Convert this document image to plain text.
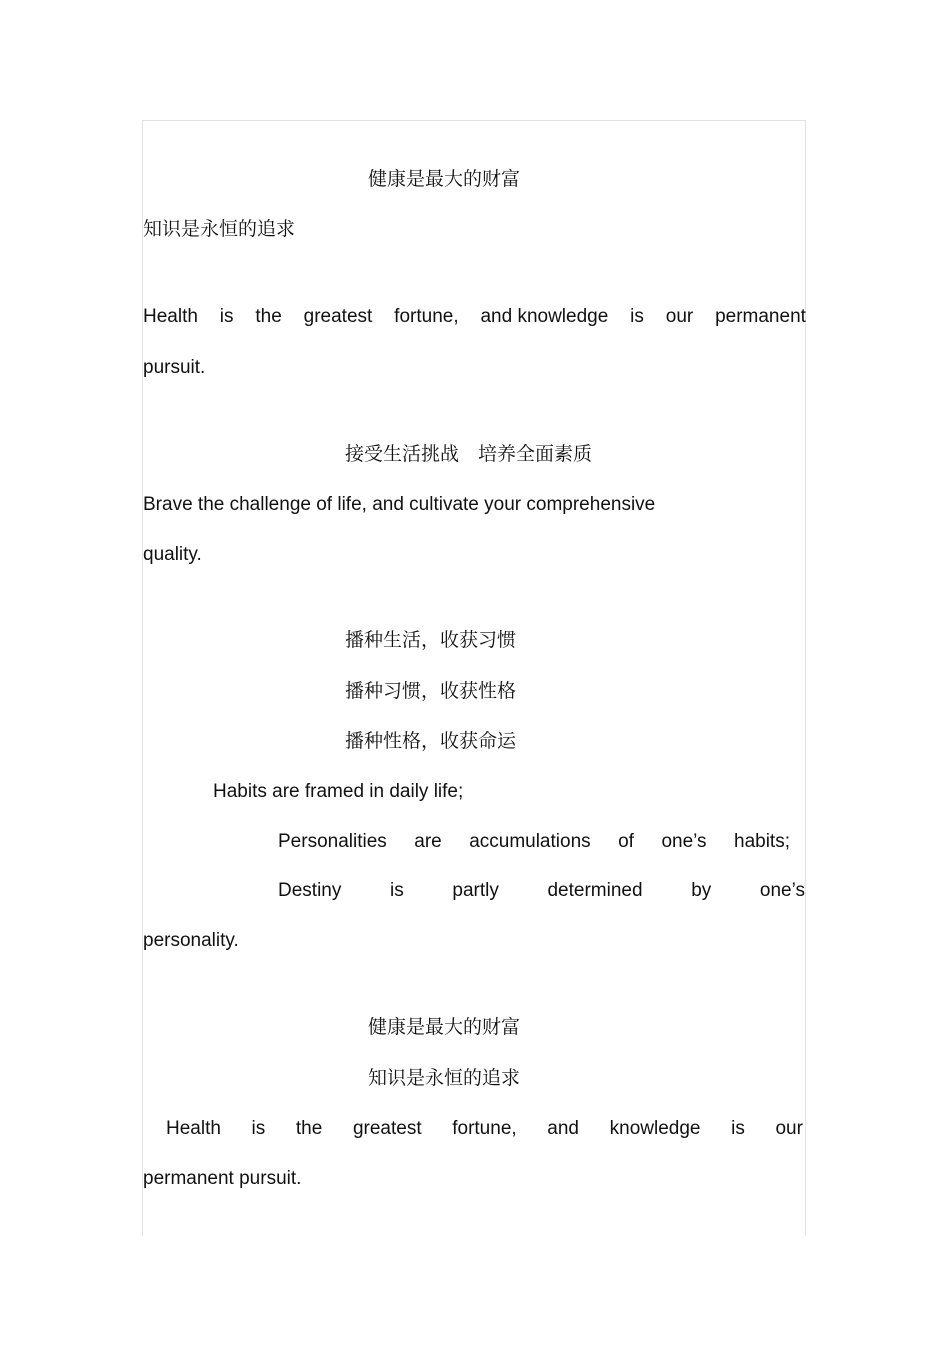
健康是最大的财富

知识是永恒的追求

Health is the greatest fortune, and knowledge is our permanent

pursuit.

接受生活挑战　培养全面素质

Brave the challenge of life, and cultivate your comprehensive

quality.

播种生活，收获习惯

播种习惯，收获性格

播种性格，收获命运

Habits are framed in daily life;

Personalities are accumulations of one’s habits;
Destiny	is	partly	determined	by	one’s

personality.

健康是最大的财富

知识是永恒的追求

Health is the greatest fortune, and knowledge is our

permanent pursuit.
